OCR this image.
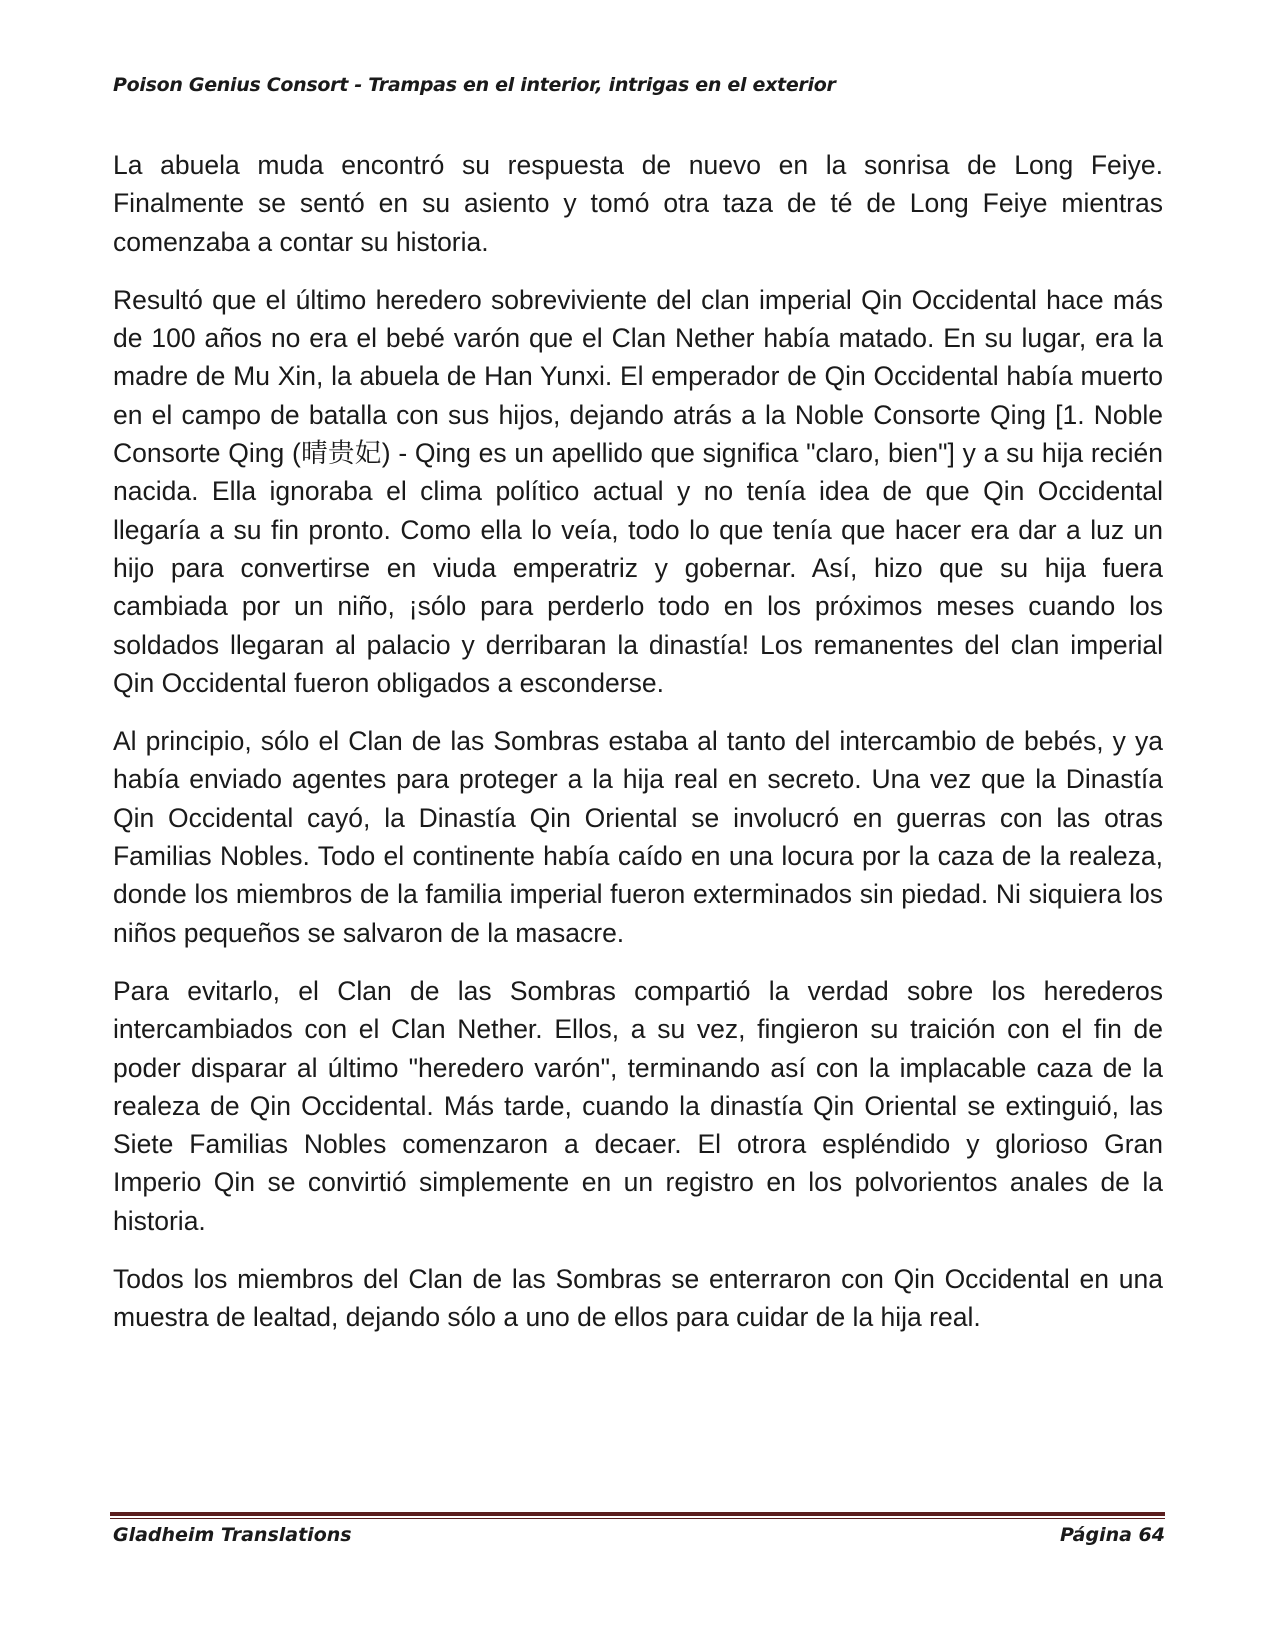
Poison Genius Consort - Trampas en el interior, intrigas en el exterior

La abuela muda encontró su respuesta de nuevo en la sonrisa de Long Feiye. Finalmente se sentó en su asiento y tomó otra taza de té de Long Feiye mientras comenzaba a contar su historia.

Resultó que el último heredero sobreviviente del clan imperial Qin Occidental hace más de 100 años no era el bebé varón que el Clan Nether había matado. En su lugar, era la madre de Mu Xin, la abuela de Han Yunxi. El emperador de Qin Occidental había muerto en el campo de batalla con sus hijos, dejando atrás a la Noble Consorte Qing [1. Noble Consorte Qing (晴贵妃) - Qing es un apellido que significa "claro, bien"] y a su hija recién nacida. Ella ignoraba el clima político actual y no tenía idea de que Qin Occidental llegaría a su fin pronto. Como ella lo veía, todo lo que tenía que hacer era dar a luz un hijo para convertirse en viuda emperatriz y gobernar. Así, hizo que su hija fuera cambiada por un niño, ¡sólo para perderlo todo en los próximos meses cuando los soldados llegaran al palacio y derribaran la dinastía! Los remanentes del clan imperial Qin Occidental fueron obligados a esconderse.

Al principio, sólo el Clan de las Sombras estaba al tanto del intercambio de bebés, y ya había enviado agentes para proteger a la hija real en secreto. Una vez que la Dinastía Qin Occidental cayó, la Dinastía Qin Oriental se involucró en guerras con las otras Familias Nobles. Todo el continente había caído en una locura por la caza de la realeza, donde los miembros de la familia imperial fueron exterminados sin piedad. Ni siquiera los niños pequeños se salvaron de la masacre.

Para evitarlo, el Clan de las Sombras compartió la verdad sobre los herederos intercambiados con el Clan Nether. Ellos, a su vez, fingieron su traición con el fin de poder disparar al último "heredero varón", terminando así con la implacable caza de la realeza de Qin Occidental. Más tarde, cuando la dinastía Qin Oriental se extinguió, las Siete Familias Nobles comenzaron a decaer. El otrora espléndido y glorioso Gran Imperio Qin se convirtió simplemente en un registro en los polvorientos anales de la historia.

Todos los miembros del Clan de las Sombras se enterraron con Qin Occidental en una muestra de lealtad, dejando sólo a uno de ellos para cuidar de la hija real.

Gladheim Translations	Página 64
